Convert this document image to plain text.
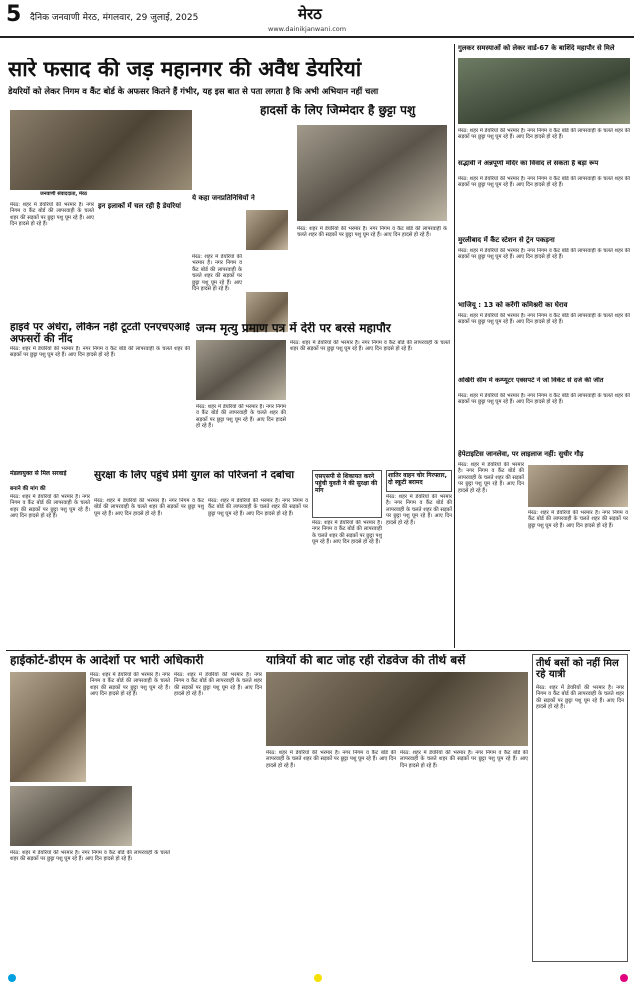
5 दैनिक जनवाणी मेरठ, मंगलवार, 29 जुलाई, 2025	मेरठ
www.dainikjanwani.com
सारे फसाद की जड़ महानगर की अवैध डेयरियां
डेयरियों को लेकर निगम व कैंट बोर्ड के अफसर कितने हैं गंभीर, यह इस बात से पता लगता है कि अभी अभियान नहीं चला
जनवाणी संवाददाता, मेरठ
हादसों के लिए जिम्मेदार है छुट्टा पशु
मेरठ: शहर में डेयरियों की भरमार है। नगर निगम व कैंट बोर्ड की लापरवाही के चलते शहर की सड़कों पर छुट्टा पशु घूम रहे हैं। आए दिन हादसे हो रहे हैं।
इन इलाकों में चल रही है डेयरियां
ये कहा जनप्रतिनिधियों ने
मेरठ: शहर में डेयरियों की भरमार है। नगर निगम व कैंट बोर्ड की लापरवाही के चलते शहर की सड़कों पर छुट्टा पशु घूम रहे हैं। आए दिन हादसे हो रहे हैं।
मेरठ: शहर में डेयरियों की भरमार है। नगर निगम व कैंट बोर्ड की लापरवाही के चलते शहर की सड़कों पर छुट्टा पशु घूम रहे हैं। आए दिन हादसे हो रहे हैं।
गुलकर समस्याओं को लेकर वार्ड-67 के बाशिंदे महापौर से मिले
मेरठ: शहर में डेयरियों की भरमार है। नगर निगम व कैंट बोर्ड की लापरवाही के चलते शहर की सड़कों पर छुट्टा पशु घूम रहे हैं। आए दिन हादसे हो रहे हैं।
सद्भावी ने अन्नपूर्णा मंदिर का विवाद ले सकता है बड़ा रूप
मेरठ: शहर में डेयरियों की भरमार है। नगर निगम व कैंट बोर्ड की लापरवाही के चलते शहर की सड़कों पर छुट्टा पशु घूम रहे हैं। आए दिन हादसे हो रहे हैं।
मुरलीबाद में कैंट स्टेशन से ट्रेन पकड़ना
मेरठ: शहर में डेयरियों की भरमार है। नगर निगम व कैंट बोर्ड की लापरवाही के चलते शहर की सड़कों पर छुट्टा पशु घूम रहे हैं। आए दिन हादसे हो रहे हैं।
भाजियू : 13 को करेंगी कमिश्नरी का घेराव
मेरठ: शहर में डेयरियों की भरमार है। नगर निगम व कैंट बोर्ड की लापरवाही के चलते शहर की सड़कों पर छुट्टा पशु घूम रहे हैं। आए दिन हादसे हो रहे हैं।
अखिरी सीम में कम्प्यूटर एक्सपर्ट ने जो विकेट से दर्ज की जीत
मेरठ: शहर में डेयरियों की भरमार है। नगर निगम व कैंट बोर्ड की लापरवाही के चलते शहर की सड़कों पर छुट्टा पशु घूम रहे हैं। आए दिन हादसे हो रहे हैं।
हेपेटाइटिस जानलेवा, पर लाइलाज नहीं: सुधीर गौड़
मेरठ: शहर में डेयरियों की भरमार है। नगर निगम व कैंट बोर्ड की लापरवाही के चलते शहर की सड़कों पर छुट्टा पशु घूम रहे हैं। आए दिन हादसे हो रहे हैं।
मेरठ: शहर में डेयरियों की भरमार है। नगर निगम व कैंट बोर्ड की लापरवाही के चलते शहर की सड़कों पर छुट्टा पशु घूम रहे हैं। आए दिन हादसे हो रहे हैं।
हाइवे पर अंधेरा, लेकिन नहीं टूटती एनएचएआई अफसरों की नींद
मेरठ: शहर में डेयरियों की भरमार है। नगर निगम व कैंट बोर्ड की लापरवाही के चलते शहर की सड़कों पर छुट्टा पशु घूम रहे हैं। आए दिन हादसे हो रहे हैं।
जन्म मृत्यु प्रमाण पत्र में देरी पर बरसे महापौर
मेरठ: शहर में डेयरियों की भरमार है। नगर निगम व कैंट बोर्ड की लापरवाही के चलते शहर की सड़कों पर छुट्टा पशु घूम रहे हैं। आए दिन हादसे हो रहे हैं।
मेरठ: शहर में डेयरियों की भरमार है। नगर निगम व कैंट बोर्ड की लापरवाही के चलते शहर की सड़कों पर छुट्टा पशु घूम रहे हैं। आए दिन हादसे हो रहे हैं।
मंडलायुक्त से मिल सरवाई
बनाने की मांग की
मेरठ: शहर में डेयरियों की भरमार है। नगर निगम व कैंट बोर्ड की लापरवाही के चलते शहर की सड़कों पर छुट्टा पशु घूम रहे हैं। आए दिन हादसे हो रहे हैं।
सुरक्षा के लिए पहुंचे प्रेमी युगल को परिजनों ने दबोचा
मेरठ: शहर में डेयरियों की भरमार है। नगर निगम व कैंट बोर्ड की लापरवाही के चलते शहर की सड़कों पर छुट्टा पशु घूम रहे हैं। आए दिन हादसे हो रहे हैं।
मेरठ: शहर में डेयरियों की भरमार है। नगर निगम व कैंट बोर्ड की लापरवाही के चलते शहर की सड़कों पर छुट्टा पशु घूम रहे हैं। आए दिन हादसे हो रहे हैं।
एसएसपी से शिकायत करने पहुंची युवती ने की सुरक्षा की मांग
मेरठ: शहर में डेयरियों की भरमार है। नगर निगम व कैंट बोर्ड की लापरवाही के चलते शहर की सड़कों पर छुट्टा पशु घूम रहे हैं। आए दिन हादसे हो रहे हैं।
शातिर वाहन चोर गिरफ्तार, दो स्कूटी बरामद
मेरठ: शहर में डेयरियों की भरमार है। नगर निगम व कैंट बोर्ड की लापरवाही के चलते शहर की सड़कों पर छुट्टा पशु घूम रहे हैं। आए दिन हादसे हो रहे हैं।
हाईकोर्ट-डीएम के आदेशों पर भारी अधिकारी
मेरठ: शहर में डेयरियों की भरमार है। नगर निगम व कैंट बोर्ड की लापरवाही के चलते शहर की सड़कों पर छुट्टा पशु घूम रहे हैं। आए दिन हादसे हो रहे हैं।
मेरठ: शहर में डेयरियों की भरमार है। नगर निगम व कैंट बोर्ड की लापरवाही के चलते शहर की सड़कों पर छुट्टा पशु घूम रहे हैं। आए दिन हादसे हो रहे हैं।
मेरठ: शहर में डेयरियों की भरमार है। नगर निगम व कैंट बोर्ड की लापरवाही के चलते शहर की सड़कों पर छुट्टा पशु घूम रहे हैं। आए दिन हादसे हो रहे हैं।
यात्रियों की बाट जोह रही रोडवेज की तीर्थ बसें
मेरठ: शहर में डेयरियों की भरमार है। नगर निगम व कैंट बोर्ड की लापरवाही के चलते शहर की सड़कों पर छुट्टा पशु घूम रहे हैं। आए दिन हादसे हो रहे हैं।
मेरठ: शहर में डेयरियों की भरमार है। नगर निगम व कैंट बोर्ड की लापरवाही के चलते शहर की सड़कों पर छुट्टा पशु घूम रहे हैं। आए दिन हादसे हो रहे हैं।
तीर्थ बसों को नहीं मिल रहे यात्री
मेरठ: शहर में डेयरियों की भरमार है। नगर निगम व कैंट बोर्ड की लापरवाही के चलते शहर की सड़कों पर छुट्टा पशु घूम रहे हैं। आए दिन हादसे हो रहे हैं।
